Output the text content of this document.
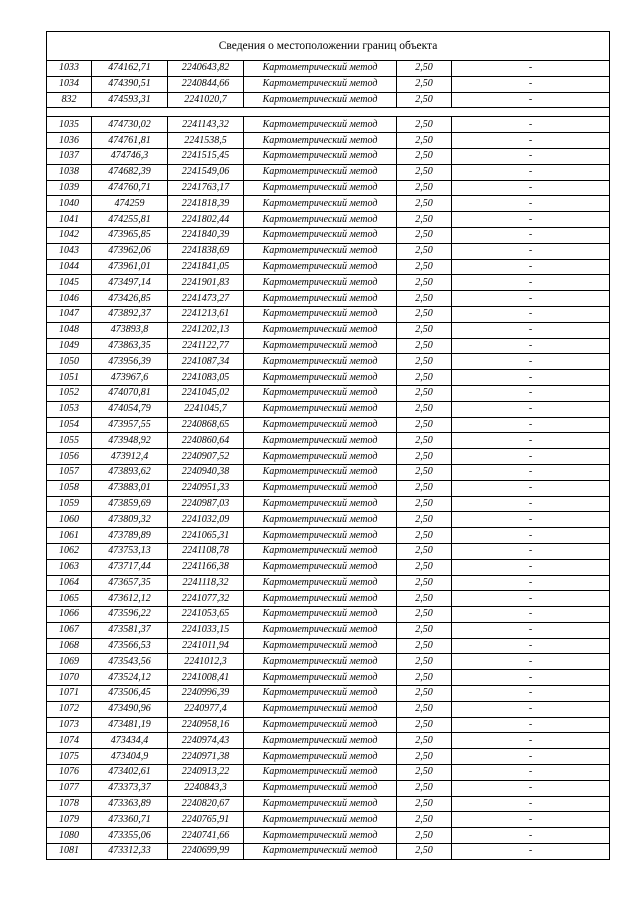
Сведения о местоположении границ объекта					
1033	474162,71	2240643,82	Картометрический метод	2,50	-
1034	474390,51	2240844,66	Картометрический метод	2,50	-
832	474593,31	2241020,7	Картометрический метод	2,50	-

1035	474730,02	2241143,32	Картометрический метод	2,50	-
1036	474761,81	2241538,5	Картометрический метод	2,50	-
1037	474746,3	2241515,45	Картометрический метод	2,50	-
1038	474682,39	2241549,06	Картометрический метод	2,50	-
1039	474760,71	2241763,17	Картометрический метод	2,50	-
1040	474259	2241818,39	Картометрический метод	2,50	-
1041	474255,81	2241802,44	Картометрический метод	2,50	-
1042	473965,85	2241840,39	Картометрический метод	2,50	-
1043	473962,06	2241838,69	Картометрический метод	2,50	-
1044	473961,01	2241841,05	Картометрический метод	2,50	-
1045	473497,14	2241901,83	Картометрический метод	2,50	-
1046	473426,85	2241473,27	Картометрический метод	2,50	-
1047	473892,37	2241213,61	Картометрический метод	2,50	-
1048	473893,8	2241202,13	Картометрический метод	2,50	-
1049	473863,35	2241122,77	Картометрический метод	2,50	-
1050	473956,39	2241087,34	Картометрический метод	2,50	-
1051	473967,6	2241083,05	Картометрический метод	2,50	-
1052	474070,81	2241045,02	Картометрический метод	2,50	-
1053	474054,79	2241045,7	Картометрический метод	2,50	-
1054	473957,55	2240868,65	Картометрический метод	2,50	-
1055	473948,92	2240860,64	Картометрический метод	2,50	-
1056	473912,4	2240907,52	Картометрический метод	2,50	-
1057	473893,62	2240940,38	Картометрический метод	2,50	-
1058	473883,01	2240951,33	Картометрический метод	2,50	-
1059	473859,69	2240987,03	Картометрический метод	2,50	-
1060	473809,32	2241032,09	Картометрический метод	2,50	-
1061	473789,89	2241065,31	Картометрический метод	2,50	-
1062	473753,13	2241108,78	Картометрический метод	2,50	-
1063	473717,44	2241166,38	Картометрический метод	2,50	-
1064	473657,35	2241118,32	Картометрический метод	2,50	-
1065	473612,12	2241077,32	Картометрический метод	2,50	-
1066	473596,22	2241053,65	Картометрический метод	2,50	-
1067	473581,37	2241033,15	Картометрический метод	2,50	-
1068	473566,53	2241011,94	Картометрический метод	2,50	-
1069	473543,56	2241012,3	Картометрический метод	2,50	-
1070	473524,12	2241008,41	Картометрический метод	2,50	-
1071	473506,45	2240996,39	Картометрический метод	2,50	-
1072	473490,96	2240977,4	Картометрический метод	2,50	-
1073	473481,19	2240958,16	Картометрический метод	2,50	-
1074	473434,4	2240974,43	Картометрический метод	2,50	-
1075	473404,9	2240971,38	Картометрический метод	2,50	-
1076	473402,61	2240913,22	Картометрический метод	2,50	-
1077	473373,37	2240843,3	Картометрический метод	2,50	-
1078	473363,89	2240820,67	Картометрический метод	2,50	-
1079	473360,71	2240765,91	Картометрический метод	2,50	-
1080	473355,06	2240741,66	Картометрический метод	2,50	-
1081	473312,33	2240699,99	Картометрический метод	2,50	-
